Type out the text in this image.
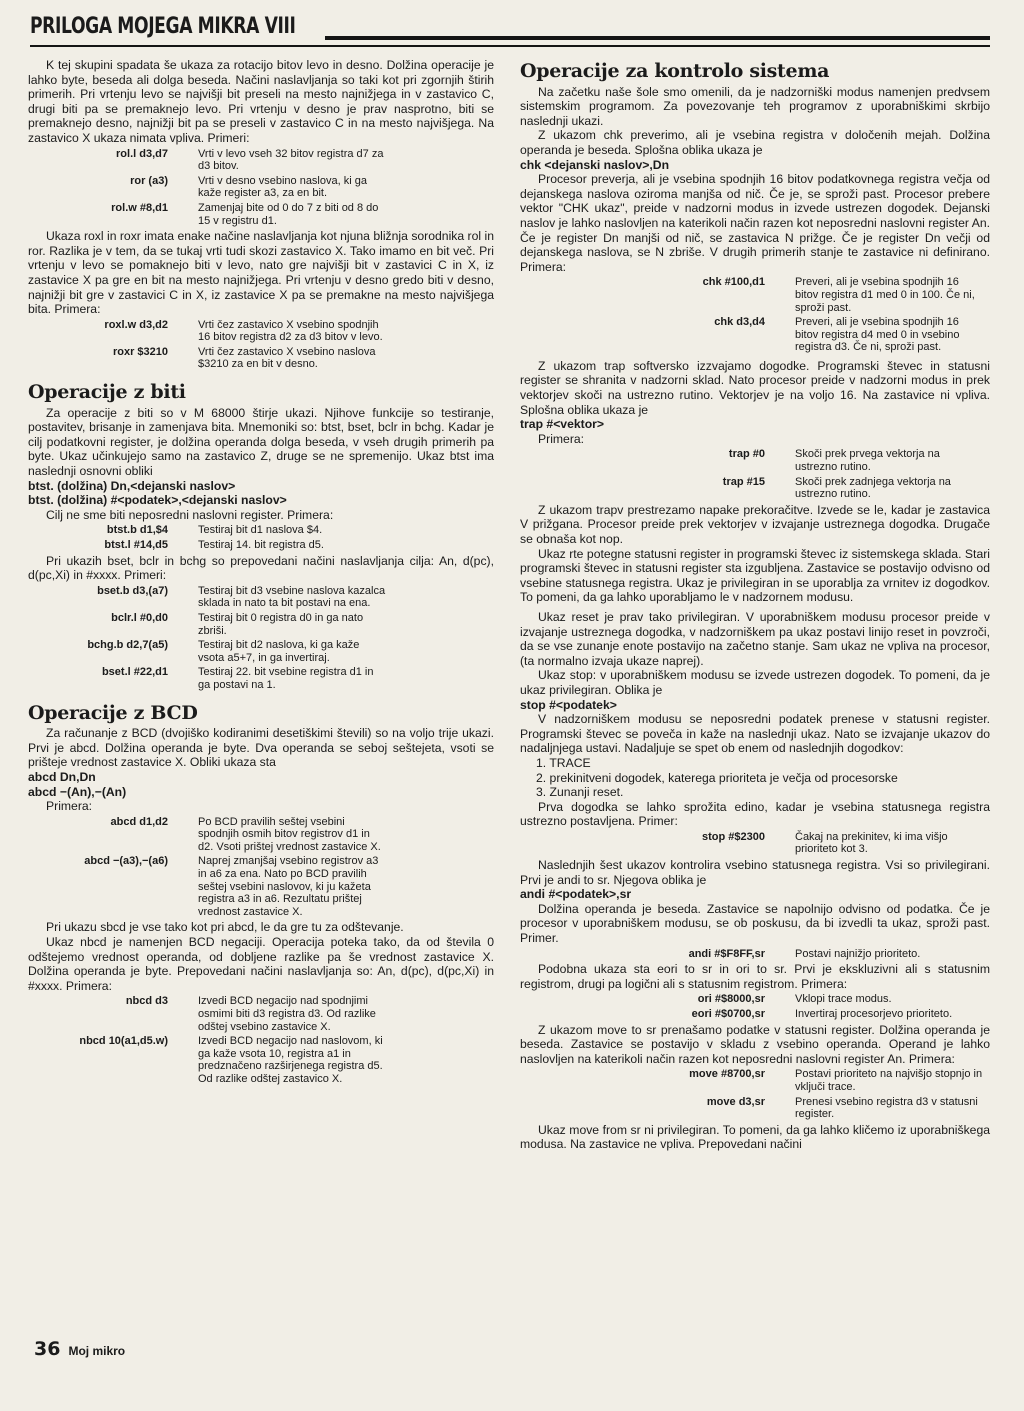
PRILOGA MOJEGA MIKRA VIII

K tej skupini spadata še ukaza za rotacijo bitov levo in desno. Dolžina operacije je lahko byte, beseda ali dolga beseda. Načini naslavljanja so taki kot pri zgornjih štirih primerih. Pri vrtenju levo se najvišji bit preseli na mesto najnižjega in v zastavico C, drugi biti pa se premaknejo levo. Pri vrtenju v desno je prav nasprotno, biti se premaknejo desno, najnižji bit pa se preseli v zastavico C in na mesto najvišjega. Na zastavico X ukaza nimata vpliva. Primeri:

rol.l d3,d7	Vrti v levo vseh 32 bitov registra d7 za d3 bitov.
ror (a3)	Vrti v desno vsebino naslova, ki ga kaže register a3, za en bit.
rol.w #8,d1	Zamenjaj bite od 0 do 7 z biti od 8 do 15 v registru d1.

Ukaza roxl in roxr imata enake načine naslavljanja kot njuna bližnja sorodnika rol in ror. Razlika je v tem, da se tukaj vrti tudi skozi zastavico X. Tako imamo en bit več. Pri vrtenju v levo se pomaknejo biti v levo, nato gre najvišji bit v zastavici C in X, iz zastavice X pa gre en bit na mesto najnižjega. Pri vrtenju v desno gredo biti v desno, najnižji bit gre v zastavici C in X, iz zastavice X pa se premakne na mesto najvišjega bita. Primera:

roxl.w d3,d2	Vrti čez zastavico X vsebino spodnjih 16 bitov registra d2 za d3 bitov v levo.
roxr $3210	Vrti čez zastavico X vsebino naslova $3210 za en bit v desno.
Operacije z biti

Za operacije z biti so v M 68000 štirje ukazi. Njihove funkcije so testiranje, postavitev, brisanje in zamenjava bita. Mnemoniki so: btst, bset, bclr in bchg. Kadar je cilj podatkovni register, je dolžina operanda dolga beseda, v vseh drugih primerih pa byte. Ukaz učinkujejo samo na zastavico Z, druge se ne spremenijo. Ukaz btst ima naslednji osnovni obliki

btst. (dolžina) Dn,<dejanski naslov>

btst. (dolžina) #<podatek>,<dejanski naslov>

Cilj ne sme biti neposredni naslovni register. Primera:

btst.b d1,$4	Testiraj bit d1 naslova $4.
btst.l #14,d5	Testiraj 14. bit registra d5.

Pri ukazih bset, bclr in bchg so prepovedani načini naslavljanja cilja: An, d(pc), d(pc,Xi) in #xxxx. Primeri:

bset.b d3,(a7)	Testiraj bit d3 vsebine naslova kazalca sklada in nato ta bit postavi na ena.
bclr.l #0,d0	Testiraj bit 0 registra d0 in ga nato zbriši.
bchg.b d2,7(a5)	Testiraj bit d2 naslova, ki ga kaže vsota a5+7, in ga invertiraj.
bset.l #22,d1	Testiraj 22. bit vsebine registra d1 in ga postavi na 1.
Operacije z BCD

Za računanje z BCD (dvojiško kodiranimi desetiškimi števili) so na voljo trije ukazi. Prvi je abcd. Dolžina operanda je byte. Dva operanda se seboj seštejeta, vsoti se prišteje vrednost zastavice X. Obliki ukaza sta

abcd Dn,Dn

abcd −(An),−(An)

Primera:

abcd d1,d2	Po BCD pravilih seštej vsebini spodnjih osmih bitov registrov d1 in d2. Vsoti prištej vrednost zastavice X.
abcd −(a3),−(a6)	Naprej zmanjšaj vsebino registrov a3 in a6 za ena. Nato po BCD pravilih seštej vsebini naslovov, ki ju kažeta registra a3 in a6. Rezultatu prištej vrednost zastavice X.

Pri ukazu sbcd je vse tako kot pri abcd, le da gre tu za odštevanje.

Ukaz nbcd je namenjen BCD negaciji. Operacija poteka tako, da od števila 0 odštejemo vrednost operanda, od dobljene razlike pa še vrednost zastavice X. Dolžina operanda je byte. Prepovedani načini naslavljanja so: An, d(pc), d(pc,Xi) in #xxxx. Primera:

nbcd d3	Izvedi BCD negacijo nad spodnjimi osmimi biti d3 registra d3. Od razlike odštej vsebino zastavice X.
nbcd 10(a1,d5.w)	Izvedi BCD negacijo nad naslovom, ki ga kaže vsota 10, registra a1 in predznačeno razširjenega registra d5. Od razlike odštej zastavico X.
Operacije za kontrolo sistema

Na začetku naše šole smo omenili, da je nadzorniški modus namenjen predvsem sistemskim programom. Za povezovanje teh programov z uporabniškimi skrbijo naslednji ukazi.

Z ukazom chk preverimo, ali je vsebina registra v določenih mejah. Dolžina operanda je beseda. Splošna oblika ukaza je

chk <dejanski naslov>,Dn

Procesor preverja, ali je vsebina spodnjih 16 bitov podatkovnega registra večja od dejanskega naslova oziroma manjša od nič. Če je, se sproži past. Procesor prebere vektor "CHK ukaz", preide v nadzorni modus in izvede ustrezen dogodek. Dejanski naslov je lahko naslovljen na katerikoli način razen kot neposredni naslovni register An. Če je register Dn manjši od nič, se zastavica N prižge. Če je register Dn večji od dejanskega naslova, se N zbriše. V drugih primerih stanje te zastavice ni definirano. Primera:

chk #100,d1	Preveri, ali je vsebina spodnjih 16 bitov registra d1 med 0 in 100. Če ni, sproži past.
chk d3,d4	Preveri, ali je vsebina spodnjih 16 bitov registra d4 med 0 in vsebino registra d3. Če ni, sproži past.

Z ukazom trap softversko izzvajamo dogodke. Programski števec in statusni register se shranita v nadzorni sklad. Nato procesor preide v nadzorni modus in prek vektorjev skoči na ustrezno rutino. Vektorjev je na voljo 16. Na zastavice ni vpliva. Splošna oblika ukaza je

trap #<vektor>

Primera:

trap #0	Skoči prek prvega vektorja na ustrezno rutino.
trap #15	Skoči prek zadnjega vektorja na ustrezno rutino.

Z ukazom trapv prestrezamo napake prekoračitve. Izvede se le, kadar je zastavica V prižgana. Procesor preide prek vektorjev v izvajanje ustreznega dogodka. Drugače se obnaša kot nop.

Ukaz rte potegne statusni register in programski števec iz sistemskega sklada. Stari programski števec in statusni register sta izgubljena. Zastavice se postavijo odvisno od vsebine statusnega registra. Ukaz je privilegiran in se uporablja za vrnitev iz dogodkov. To pomeni, da ga lahko uporabljamo le v nadzornem modusu.

Ukaz reset je prav tako privilegiran. V uporabniškem modusu procesor preide v izvajanje ustreznega dogodka, v nadzorniškem pa ukaz postavi linijo reset in povzroči, da se vse zunanje enote postavijo na začetno stanje. Sam ukaz ne vpliva na procesor, (ta normalno izvaja ukaze naprej).

Ukaz stop: v uporabniškem modusu se izvede ustrezen dogodek. To pomeni, da je ukaz privilegiran. Oblika je

stop #<podatek>

V nadzorniškem modusu se neposredni podatek prenese v statusni register. Programski števec se poveča in kaže na naslednji ukaz. Nato se izvajanje ukazov do nadaljnjega ustavi. Nadaljuje se spet ob enem od naslednjih dogodkov:

1. TRACE
2. prekinitveni dogodek, katerega prioriteta je večja od procesorske
3. Zunanji reset.

Prva dogodka se lahko sprožita edino, kadar je vsebina statusnega registra ustrezno postavljena. Primer:

stop #$2300	Čakaj na prekinitev, ki ima višjo prioriteto kot 3.

Naslednjih šest ukazov kontrolira vsebino statusnega registra. Vsi so privilegirani. Prvi je andi to sr. Njegova oblika je

andi #<podatek>,sr

Dolžina operanda je beseda. Zastavice se napolnijo odvisno od podatka. Če je procesor v uporabniškem modusu, se ob poskusu, da bi izvedli ta ukaz, sproži past. Primer.

andi #$F8FF,sr	Postavi najnižjo prioriteto.

Podobna ukaza sta eori to sr in ori to sr. Prvi je ekskluzivni ali s statusnim registrom, drugi pa logični ali s statusnim registrom. Primera:

ori #$8000,sr	Vklopi trace modus.
eori #$0700,sr	Invertiraj procesorjevo prioriteto.

Z ukazom move to sr prenašamo podatke v statusni register. Dolžina operanda je beseda. Zastavice se postavijo v skladu z vsebino operanda. Operand je lahko naslovljen na katerikoli način razen kot neposredni naslovni register An. Primera:

move #8700,sr	Postavi prioriteto na najvišjo stopnjo in vključi trace.
move d3,sr	Prenesi vsebino registra d3 v statusni register.

Ukaz move from sr ni privilegiran. To pomeni, da ga lahko kličemo iz uporabniškega modusa. Na zastavice ne vpliva. Prepovedani načini

36 Moj mikro
